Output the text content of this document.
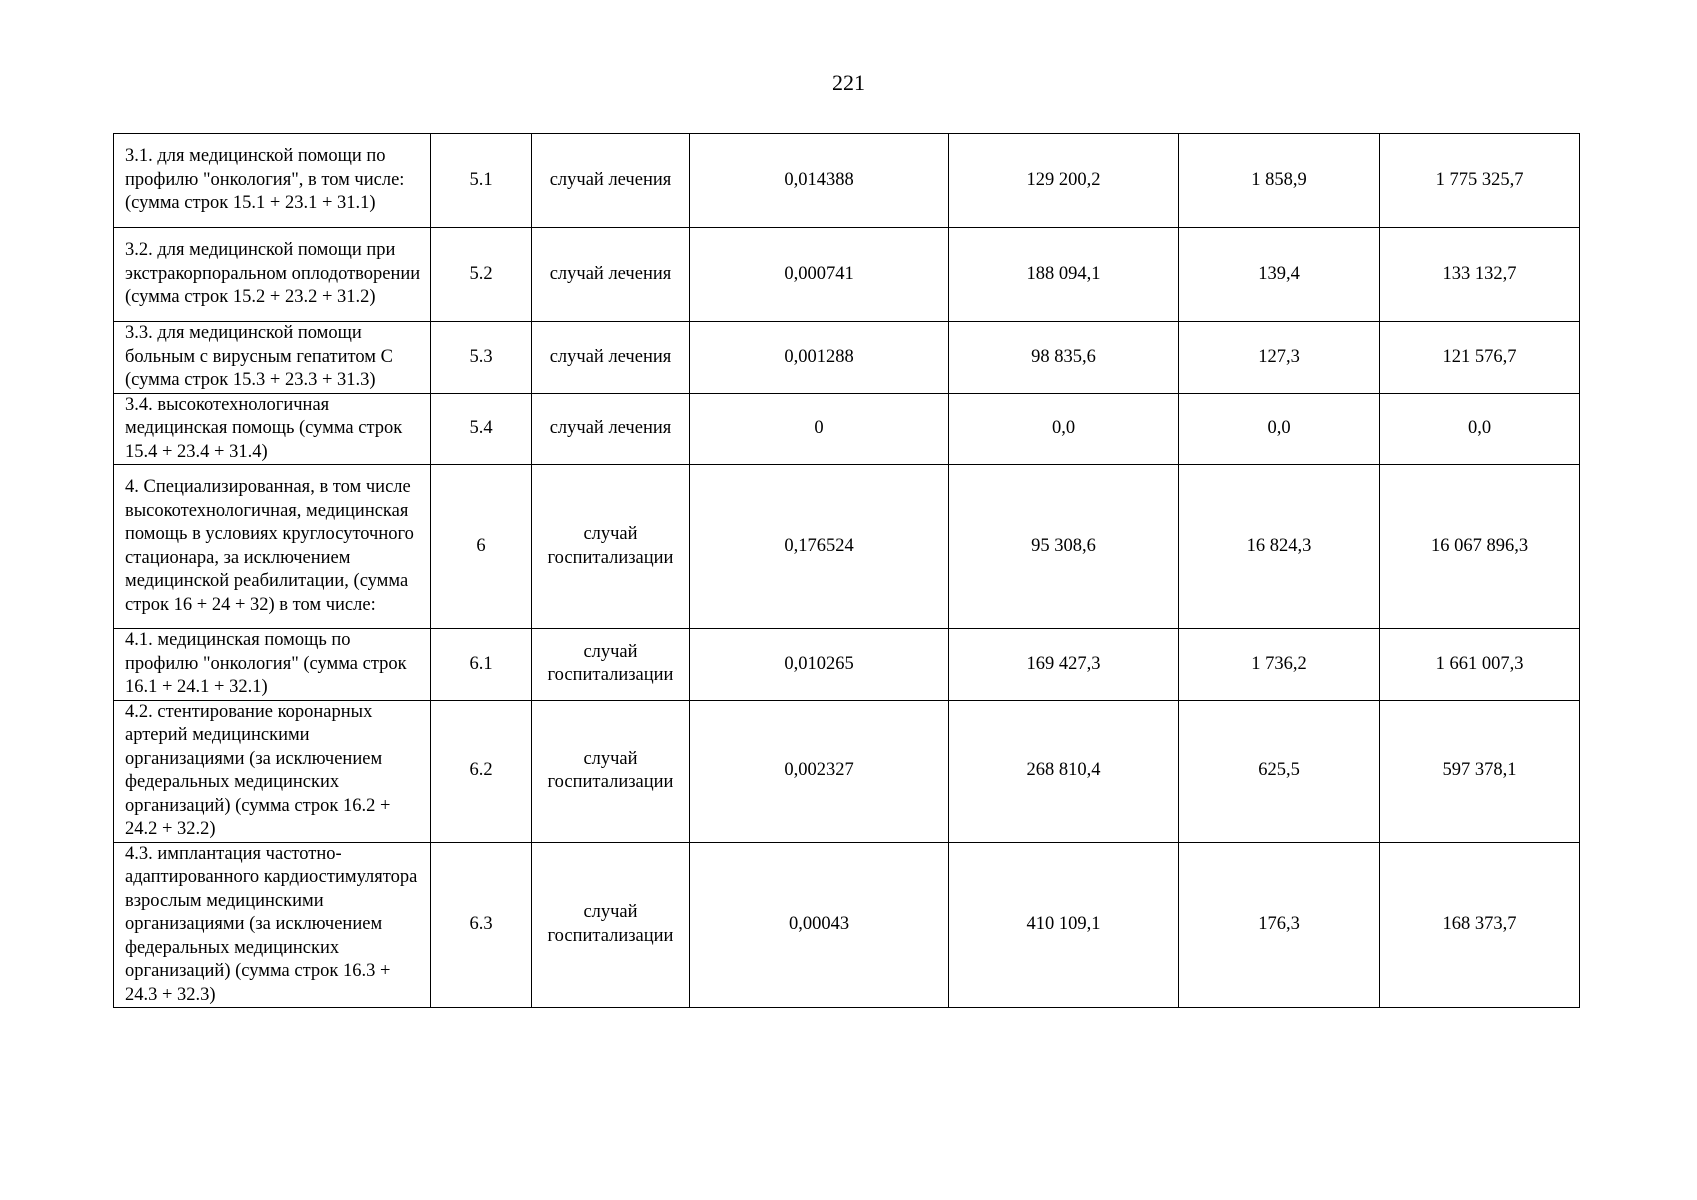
221
3.1. для медицинской помощи по профилю "онкология", в том числе: (сумма строк 15.1 + 23.1 + 31.1)	5.1	случай лечения	0,014388	129 200,2	1 858,9	1 775 325,7
3.2. для медицинской помощи при экстракорпоральном оплодотворении (сумма строк 15.2 + 23.2 + 31.2)	5.2	случай лечения	0,000741	188 094,1	139,4	133 132,7
3.3. для медицинской помощи больным с вирусным гепатитом С (сумма строк 15.3 + 23.3 + 31.3)	5.3	случай лечения	0,001288	98 835,6	127,3	121 576,7
3.4. высокотехнологичная медицинская помощь (сумма строк 15.4 + 23.4 + 31.4)	5.4	случай лечения	0	0,0	0,0	0,0
4. Специализированная, в том числе высокотехнологичная, медицинская помощь в условиях круглосуточного стационара, за исключением медицинской реабилитации, (сумма строк 16 + 24 + 32) в том числе:	6	случай госпитализации	0,176524	95 308,6	16 824,3	16 067 896,3
4.1. медицинская помощь по профилю "онкология" (сумма строк 16.1 + 24.1 + 32.1)	6.1	случай госпитализации	0,010265	169 427,3	1 736,2	1 661 007,3
4.2. стентирование коронарных артерий медицинскими организациями (за исключением федеральных медицинских организаций) (сумма строк 16.2 + 24.2 + 32.2)	6.2	случай госпитализации	0,002327	268 810,4	625,5	597 378,1
4.3. имплантация частотно-адаптированного кардиостимулятора взрослым медицинскими организациями (за исключением федеральных медицинских организаций) (сумма строк 16.3 + 24.3 + 32.3)	6.3	случай госпитализации	0,00043	410 109,1	176,3	168 373,7
